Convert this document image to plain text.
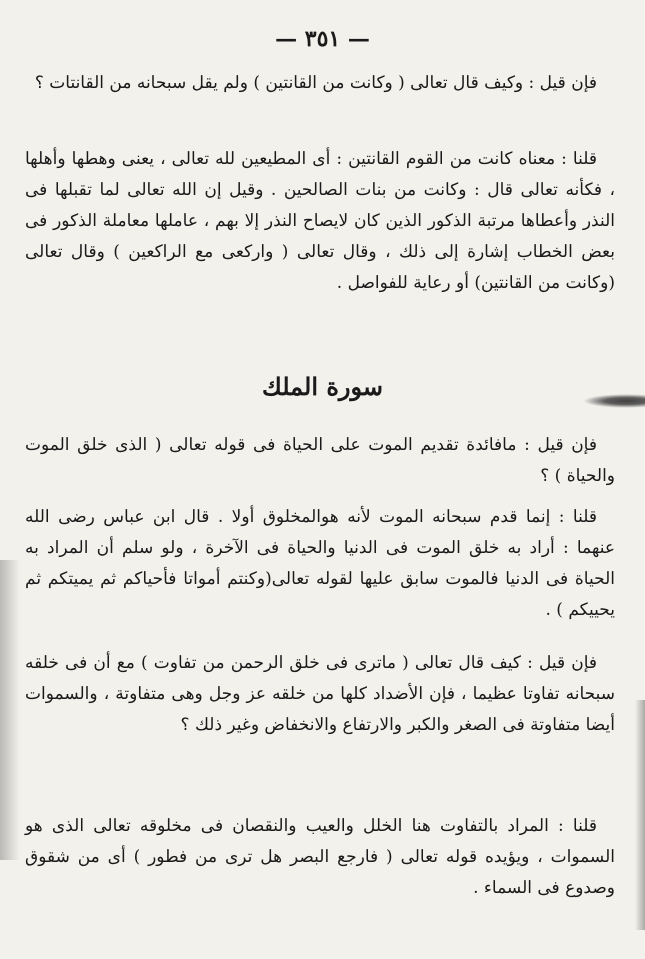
— ٣٥١ —

فإن قيل : وكيف قال تعالى ( وكانت من القانتين ) ولم يقل سبحانه من القانتات ؟

قلنا : معناه كانت من القوم القانتين : أى المطيعين لله تعالى ، يعنى وهطها وأهلها ، فكأنه تعالى قال : وكانت من بنات الصالحين . وقيل إن الله تعالى لما تقبلها فى النذر وأعطاها مرتبة الذكور الذين كان لايصاح النذر إلا بهم ، عاملها معاملة الذكور فى بعض الخطاب إشارة إلى ذلك ، وقال تعالى ( واركعى مع الراكعين ) وقال تعالى (وكانت من القانتين) أو رعاية للفواصل .

سورة الملك

فإن قيل : مافائدة تقديم الموت على الحياة فى قوله تعالى ( الذى خلق الموت والحياة ) ؟

قلنا : إنما قدم سبحانه الموت لأنه هوالمخلوق أولا . قال ابن عباس رضى الله عنهما : أراد به خلق الموت فى الدنيا والحياة فى الآخرة ، ولو سلم أن المراد به الحياة فى الدنيا فالموت سابق عليها لقوله تعالى(وكنتم أمواتا فأحياكم ثم يميتكم ثم يحييكم ) .

فإن قيل : كيف قال تعالى ( ماترى فى خلق الرحمن من تفاوت ) مع أن فى خلقه سبحانه تفاوتا عظيما ، فإن الأضداد كلها من خلقه عز وجل وهى متفاوتة ، والسموات أيضا متفاوتة فى الصغر والكبر والارتفاع والانخفاض وغير ذلك ؟

قلنا : المراد بالتفاوت هنا الخلل والعيب والنقصان فى مخلوقه تعالى الذى هو السموات ، ويؤيده قوله تعالى ( فارجع البصر هل ترى من فطور ) أى من شقوق وصدوع فى السماء .
